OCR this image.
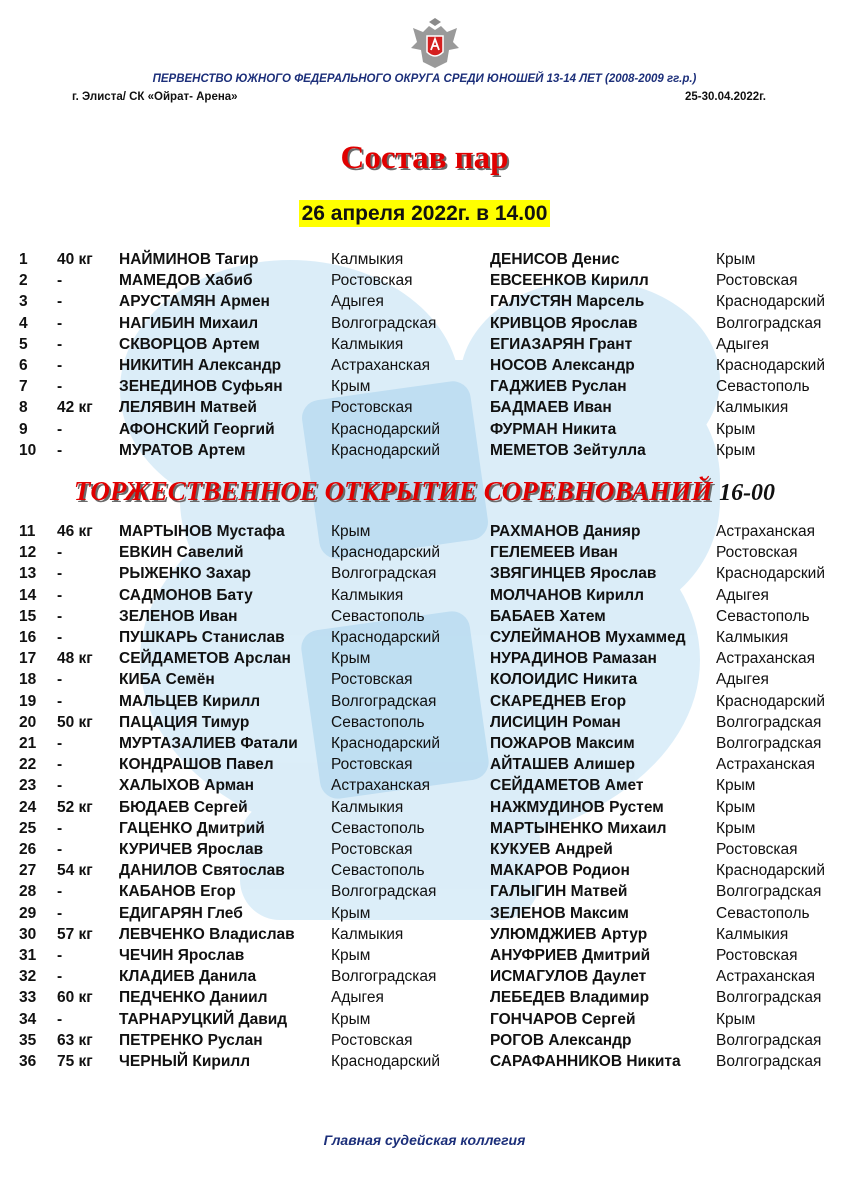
ПЕРВЕНСТВО ЮЖНОГО ФЕДЕРАЛЬНОГО ОКРУГА СРЕДИ ЮНОШЕЙ 13-14 ЛЕТ (2008-2009 гг.р.)
г. Элиста/ СК «Ойрат- Арена»	25-30.04.2022г.
Состав пар
26 апреля 2022г. в 14.00
ТОРЖЕСТВЕННОЕ ОТКРЫТИЕ СОРЕВНОВАНИЙ 16-00
1 40 кг НАЙМИНОВ Тагир	Калмыкия	ДЕНИСОВ Денис	Крым
2 -	МАМЕДОВ Хабиб	Ростовская	ЕВСЕЕНКОВ Кирилл	Ростовская
3 -	АРУСТАМЯН Армен	Адыгея	ГАЛУСТЯН Марсель	Краснодарский
4 -	НАГИБИН Михаил	Волгоградская	КРИВЦОВ Ярослав	Волгоградская
5 -	СКВОРЦОВ Артем	Калмыкия	ЕГИАЗАРЯН Грант	Адыгея
6 -	НИКИТИН Александр	Астраханская	НОСОВ Александр	Краснодарский
7 -	ЗЕНЕДИНОВ Суфьян	Крым	ГАДЖИЕВ Руслан	Севастополь
8 42 кг ЛЕЛЯВИН Матвей	Ростовская	БАДМАЕВ Иван	Калмыкия
9 -	АФОНСКИЙ Георгий	Краснодарский	ФУРМАН Никита	Крым
10 -	МУРАТОВ Артем	Краснодарский	МЕМЕТОВ Зейтулла	Крым
11 46 кг МАРТЫНОВ Мустафа	Крым	РАХМАНОВ Данияр	Астраханская
12 -	ЕВКИН Савелий	Краснодарский	ГЕЛЕМЕЕВ Иван	Ростовская
13 -	РЫЖЕНКО Захар	Волгоградская	ЗВЯГИНЦЕВ Ярослав	Краснодарский
14 -	САДМОНОВ Бату	Калмыкия	МОЛЧАНОВ Кирилл	Адыгея
15 -	ЗЕЛЕНОВ Иван	Севастополь	БАБАЕВ Хатем	Севастополь
16 -	ПУШКАРЬ Станислав	Краснодарский	СУЛЕЙМАНОВ Мухаммед Калмыкия
17 48 кг СЕЙДАМЕТОВ Арслан	Крым	НУРАДИНОВ Рамазан	Астраханская
18 -	КИБА Семён	Ростовская	КОЛОИДИС Никита	Адыгея
19 -	МАЛЬЦЕВ Кирилл	Волгоградская	СКАРЕДНЕВ Егор	Краснодарский
20 50 кг ПАЦАЦИЯ Тимур	Севастополь	ЛИСИЦИН Роман	Волгоградская
21 -	МУРТАЗАЛИЕВ Фатали Краснодарский	ПОЖАРОВ Максим	Волгоградская
22 -	КОНДРАШОВ Павел	Ростовская	АЙТАШЕВ Алишер	Астраханская
23 -	ХАЛЫХОВ Арман	Астраханская	СЕЙДАМЕТОВ Амет	Крым
24 52 кг БЮДАЕВ Сергей	Калмыкия	НАЖМУДИНОВ Рустем	Крым
25 -	ГАЦЕНКО Дмитрий	Севастополь	МАРТЫНЕНКО Михаил	Крым
26 -	КУРИЧЕВ Ярослав	Ростовская	КУКУЕВ Андрей	Ростовская
27 54 кг ДАНИЛОВ Святослав	Севастополь	МАКАРОВ Родион	Краснодарский
28 -	КАБАНОВ Егор	Волгоградская	ГАЛЫГИН Матвей	Волгоградская
29 -	ЕДИГАРЯН Глеб	Крым	ЗЕЛЕНОВ Максим	Севастополь
30 57 кг ЛЕВЧЕНКО Владислав Калмыкия	УЛЮМДЖИЕВ Артур	Калмыкия
31 -	ЧЕЧИН Ярослав	Крым	АНУФРИЕВ Дмитрий	Ростовская
32 -	КЛАДИЕВ Данила	Волгоградская	ИСМАГУЛОВ Даулет	Астраханская
33 60 кг ПЕДЧЕНКО Даниил	Адыгея	ЛЕБЕДЕВ Владимир	Волгоградская
34 -	ТАРНАРУЦКИЙ Давид	Крым	ГОНЧАРОВ Сергей	Крым
35 63 кг ПЕТРЕНКО Руслан	Ростовская	РОГОВ Александр	Волгоградская
36 75 кг ЧЕРНЫЙ Кирилл	Краснодарский	САРАФАННИКОВ Никита Волгоградская
Главная судейская коллегия
